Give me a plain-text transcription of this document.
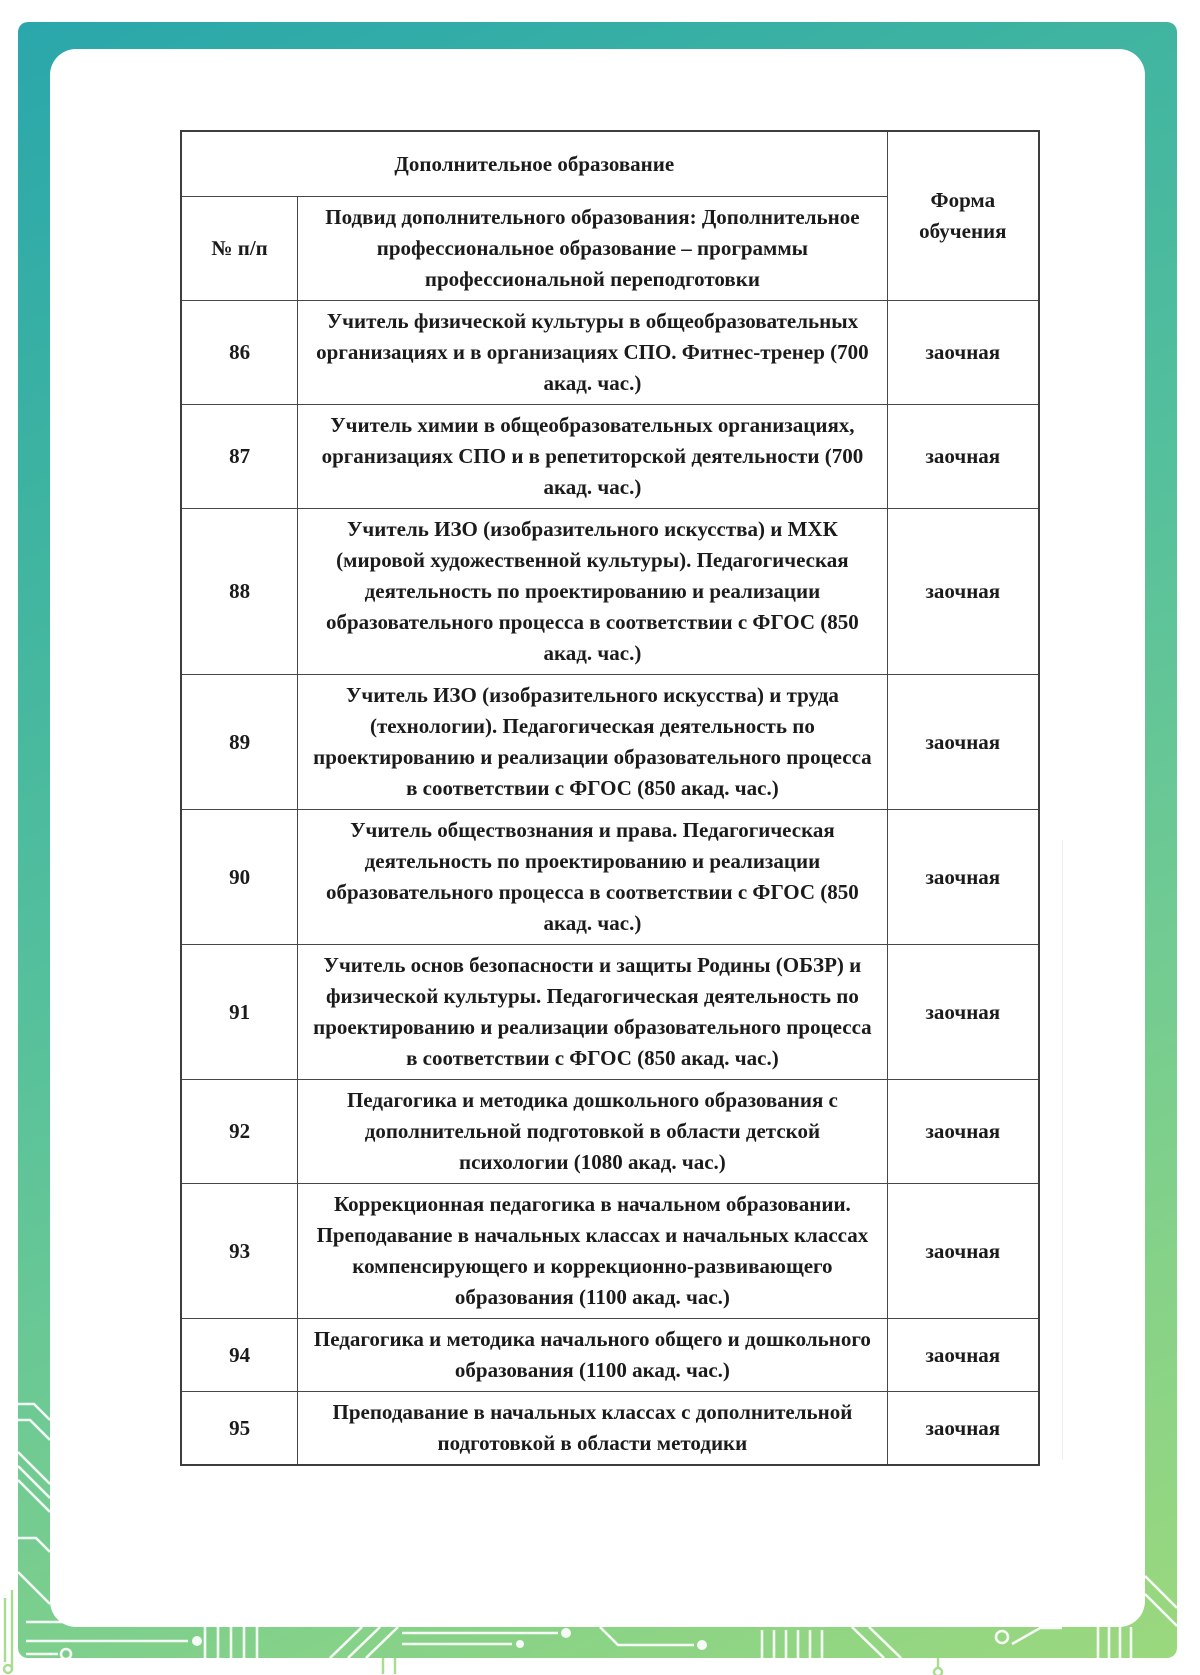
Дополнительное образование		Форма обучения
№ п/п	Подвид дополнительного образования: Дополнительное профессиональное образование – программы профессиональной переподготовки	
86	Учитель физической культуры в общеобразовательных организациях и в организациях СПО. Фитнес-тренер (700 акад. час.)	заочная
87	Учитель химии в общеобразовательных организациях, организациях СПО и в репетиторской деятельности (700 акад. час.)	заочная
88	Учитель ИЗО (изобразительного искусства) и МХК (мировой художественной культуры). Педагогическая деятельность по проектированию и реализации образовательного процесса в соответствии с ФГОС (850 акад. час.)	заочная
89	Учитель ИЗО (изобразительного искусства) и труда (технологии). Педагогическая деятельность по проектированию и реализации образовательного процесса в соответствии с ФГОС (850 акад. час.)	заочная
90	Учитель обществознания и права. Педагогическая деятельность по проектированию и реализации образовательного процесса в соответствии с ФГОС (850 акад. час.)	заочная
91	Учитель основ безопасности и защиты Родины (ОБЗР) и физической культуры. Педагогическая деятельность по проектированию и реализации образовательного процесса в соответствии с ФГОС (850 акад. час.)	заочная
92	Педагогика и методика дошкольного образования с дополнительной подготовкой в области детской психологии (1080 акад. час.)	заочная
93	Коррекционная педагогика в начальном образовании. Преподавание в начальных классах и начальных классах компенсирующего и коррекционно-развивающего образования (1100 акад. час.)	заочная
94	Педагогика и методика начального общего и дошкольного образования (1100 акад. час.)	заочная
95	Преподавание в начальных классах с дополнительной подготовкой в области методики	заочная
